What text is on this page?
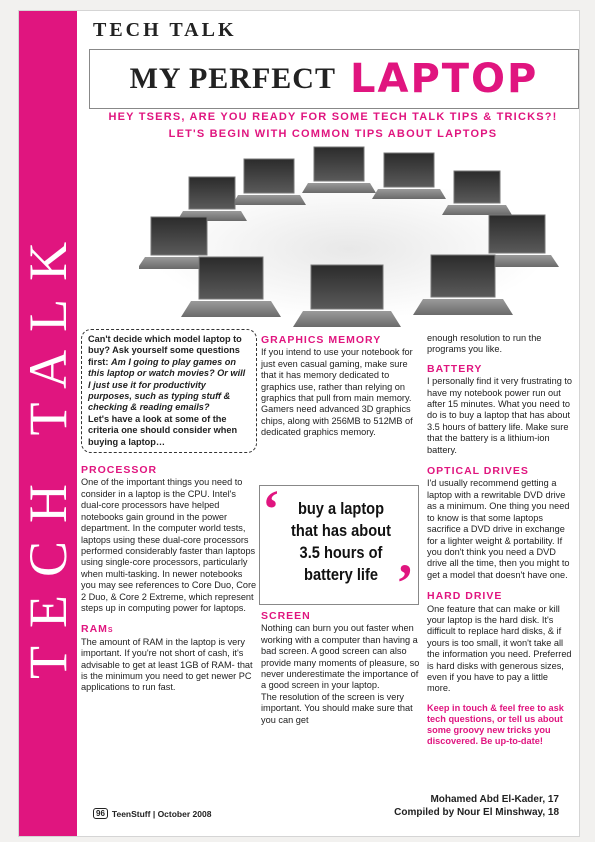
TECH TALK
TECH TALK
MY PERFECT LAPTOP
HEY TSERS, ARE YOU READY FOR SOME TECH TALK TIPS & TRICKS?!
LET'S BEGIN WITH COMMON TIPS ABOUT LAPTOPS
Can't decide which model laptop to buy? Ask yourself some questions first: Am I going to play games on this laptop or watch movies? Or will I just use it for productivity purposes, such as typing stuff & checking & reading emails?
Let's have a look at some of the criteria one should consider when buying a laptop…
PROCESSOR

One of the important things you need to consider in a laptop is the CPU. Intel's dual-core processors have helped notebooks gain ground in the power department. In the computer world tests, laptops using these dual-core processors performed considerably faster than laptops using single-core processors, particularly when multi-tasking. In newer notebooks you may see references to Core Duo, Core 2 Duo, & Core 2 Extreme, which represent steps up in computing power for laptops.

RAMs

The amount of RAM in the laptop is very important. If you're not short of cash, it's advisable to get at least 1GB of RAM- that is the minimum you need to get newer PC applications to run fast.

GRAPHICS MEMORY

If you intend to use your notebook for just even casual gaming, make sure that it has memory dedicated to graphics use, rather than relying on graphics that pull from main memory. Gamers need advanced 3D graphics chips, along with 256MB to 512MB of dedicated graphics memory.

‘	buy a laptop that has about 3.5 hours of battery life ’
SCREEN

Nothing can burn you out faster when working with a computer than having a bad screen. A good screen can also provide many moments of pleasure, so never underestimate the importance of a good screen in your laptop.

The resolution of the screen is very important. You should make sure that you can get

enough resolution to run the programs you like.

BATTERY

I personally find it very frustrating to have my notebook power run out after 15 minutes. What you need to do is to buy a laptop that has about 3.5 hours of battery life. Make sure that the battery is a lithium-ion battery.

OPTICAL DRIVES

I'd usually recommend getting a laptop with a rewritable DVD drive as a minimum. One thing you need to know is that some laptops sacrifice a DVD drive in exchange for a lighter weight & portability. If you don't think you need a DVD drive all the time, then you might to get a model that doesn't have one.

HARD DRIVE

One feature that can make or kill your laptop is the hard disk. It's difficult to replace hard disks, & if yours is too small, it won't take all the information you need. Preferred is hard disks with generous sizes, even if you have to pay a little more.

Keep in touch & feel free to ask tech questions, or tell us about some groovy new tricks you discovered. Be up-to-date!
Mohamed Abd El-Kader, 17
Compiled by Nour El Minshway, 18
96 TeenStuff | October 2008
